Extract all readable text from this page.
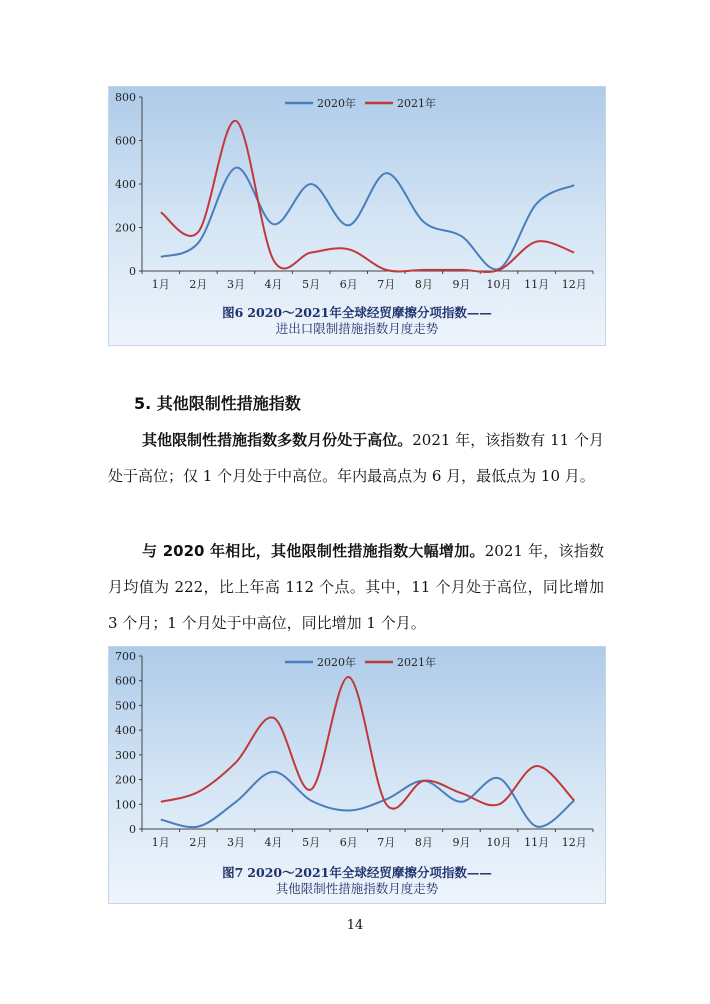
0
200
400
600
800
1月 2月 3月 4月 5月 6月 7月 8月 9月 10月 11月 12月
2020年	2021年
图6 2020～2021年全球经贸摩擦分项指数——
进出口限制措施指数月度走势
5. 其他限制性措施指数
其他限制性措施指数多数月份处于高位。2021 年，该指数有 11 个月处于高位；仅 1 个月处于中高位。年内最高点为 6 月，最低点为 10 月。
与 2020 年相比，其他限制性措施指数大幅增加。2021 年，该指数月均值为 222，比上年高 112 个点。其中，11 个月处于高位，同比增加 3 个月；1 个月处于中高位，同比增加 1 个月。
0
100
200
300
400
500
600
700
1月 2月 3月 4月 5月 6月 7月 8月 9月 10月 11月 12月
2020年	2021年
图7 2020～2021年全球经贸摩擦分项指数——
其他限制性措施指数月度走势
14
